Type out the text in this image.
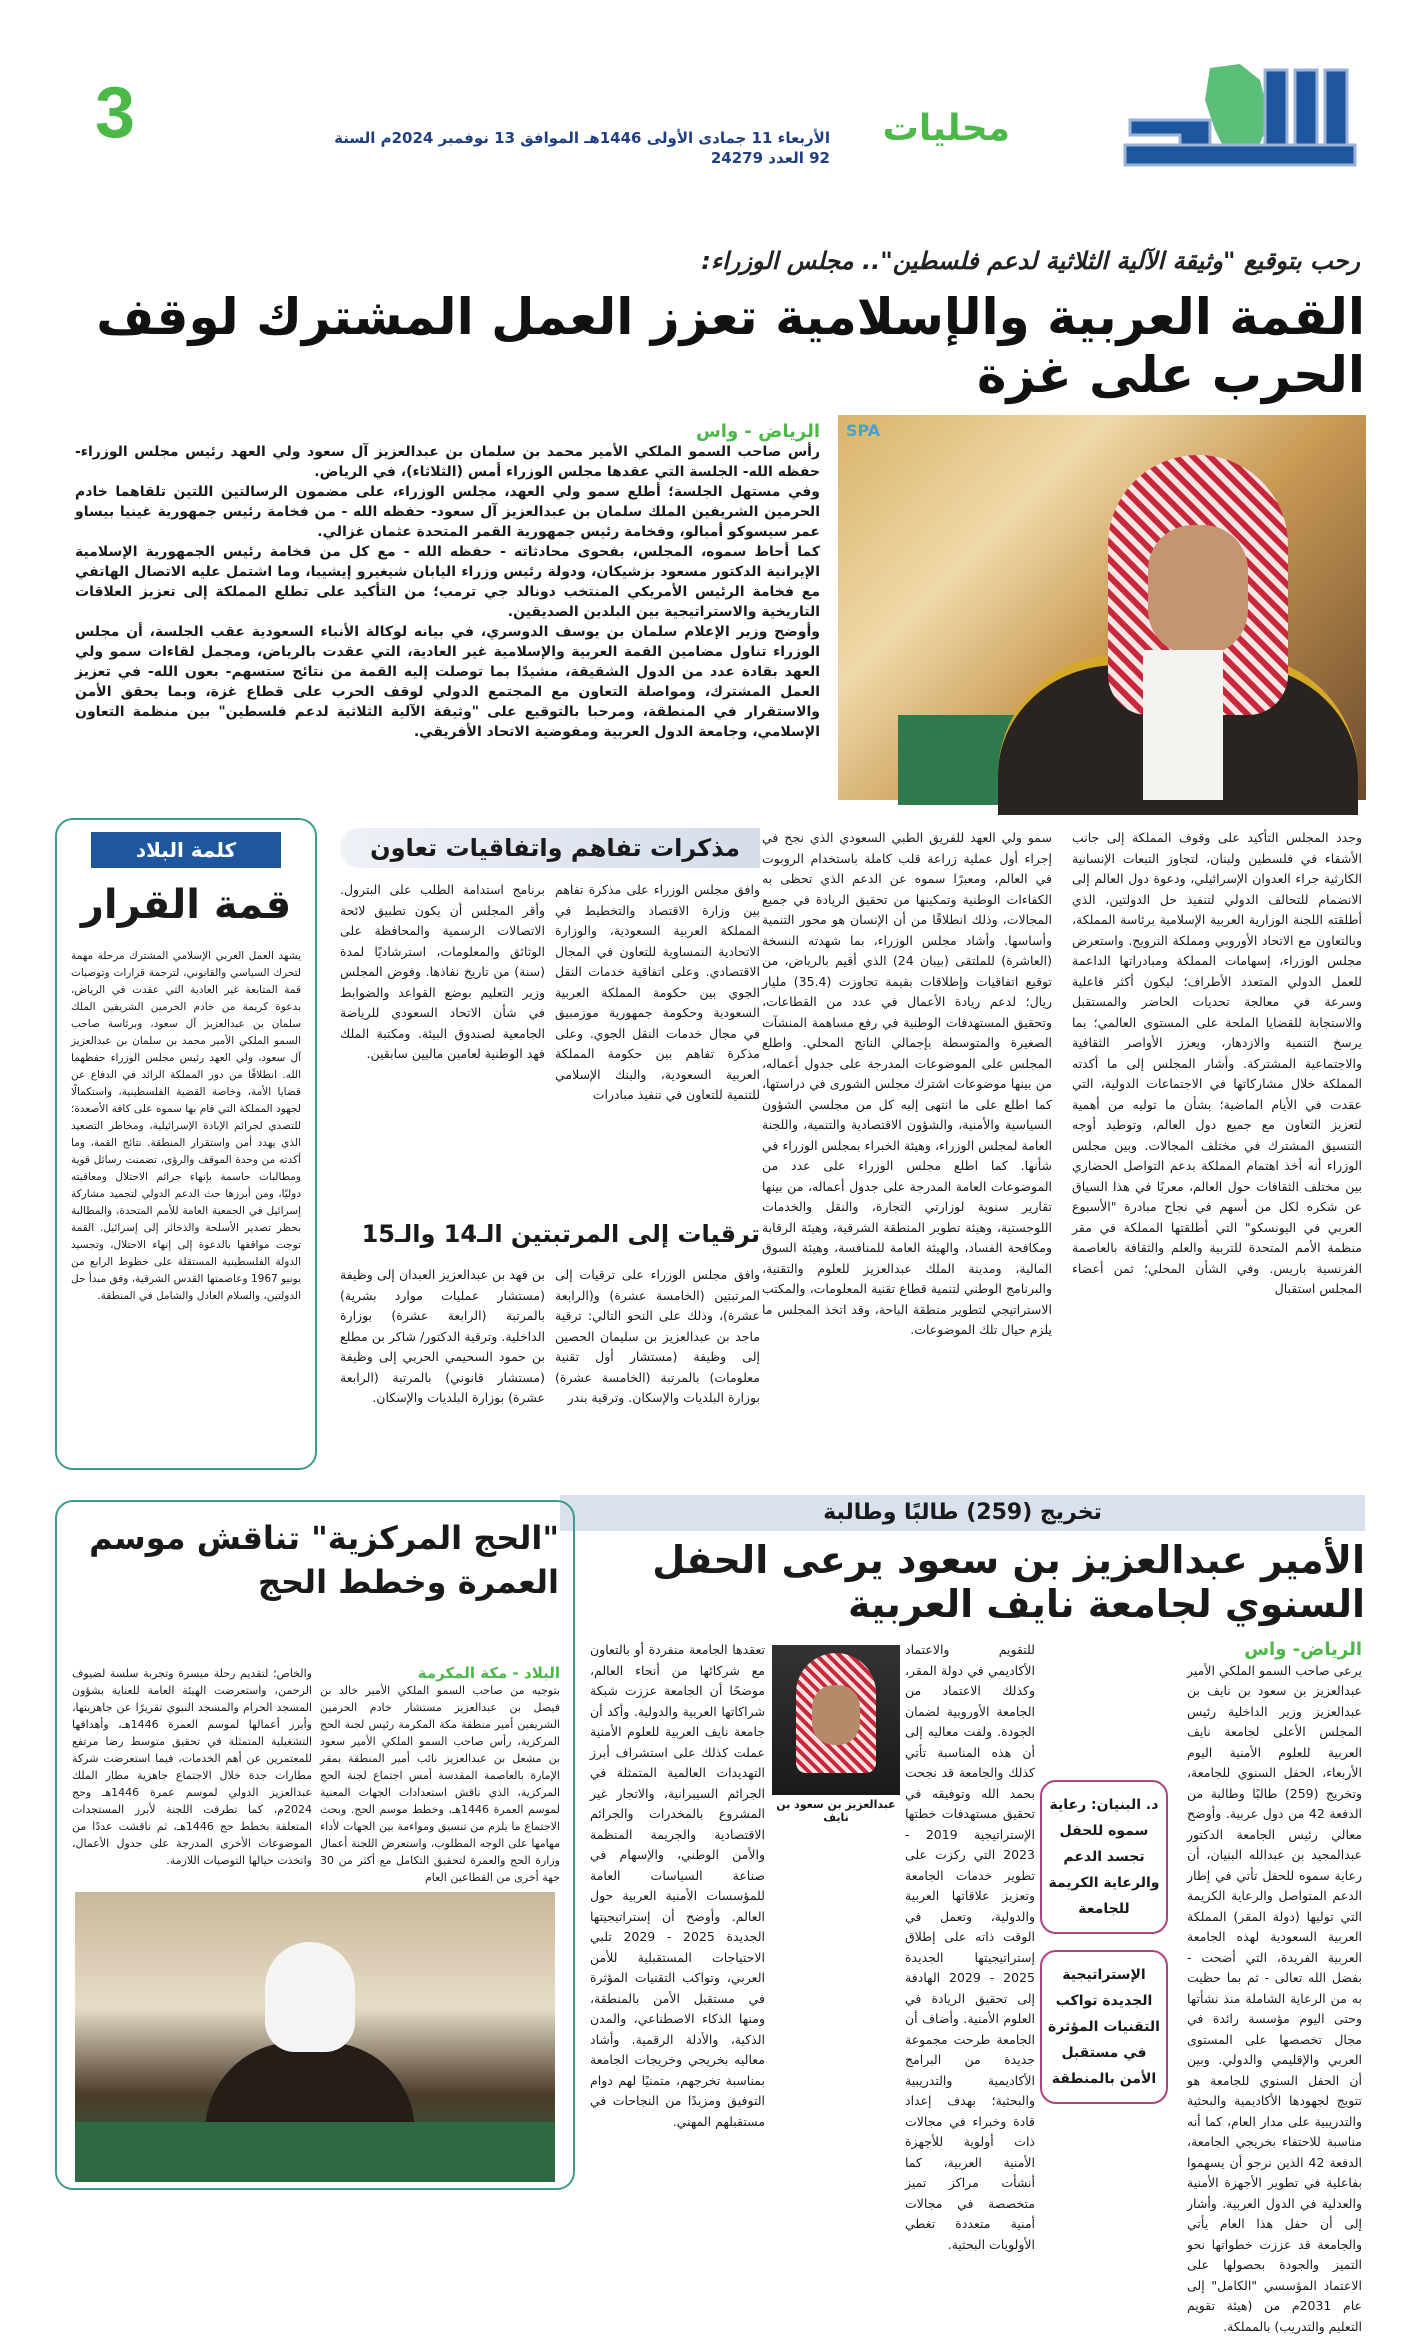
محليات
الأربعاء 11 جمادى الأولى 1446هـ الموافق 13 نوفمبر 2024م السنة 92 العدد 24279
3
رحب بتوقيع "وثيقة الآلية الثلاثية لدعم فلسطين".. مجلس الوزراء:
القمة العربية والإسلامية تعزز العمل المشترك لوقف الحرب على غزة
SPA
الرياض - واس

رأس صاحب السمو الملكي الأمير محمد بن سلمان بن عبدالعزيز آل سعود ولي العهد رئيس مجلس الوزراء- حفظه الله- الجلسة التي عقدها مجلس الوزراء أمس (الثلاثاء)، في الرياض.

وفي مستهل الجلسة؛ أطلع سمو ولي العهد، مجلس الوزراء، على مضمون الرسالتين اللتين تلقاهما خادم الحرمين الشريفين الملك سلمان بن عبدالعزيز آل سعود- حفظه الله - من فخامة رئيس جمهورية غينيا بيساو عمر سيسوكو أمبالو، وفخامة رئيس جمهورية القمر المتحدة عثمان غزالي.

كما أحاط سموه، المجلس، بفحوى محادثاته - حفظه الله - مع كل من فخامة رئيس الجمهورية الإسلامية الإيرانية الدكتور مسعود بزشيكان، ودولة رئيس وزراء اليابان شيغيرو إيشيبا، وما اشتمل عليه الاتصال الهاتفي مع فخامة الرئيس الأمريكي المنتخب دونالد جي ترمب؛ من التأكيد على تطلع المملكة إلى تعزيز العلاقات التاريخية والاستراتيجية بين البلدين الصديقين.

وأوضح وزير الإعلام سلمان بن يوسف الدوسري، في بيانه لوكالة الأنباء السعودية عقب الجلسة، أن مجلس الوزراء تناول مضامين القمة العربية والإسلامية غير العادية، التي عقدت بالرياض، ومجمل لقاءات سمو ولي العهد بقادة عدد من الدول الشقيقة، مشيدًا بما توصلت إليه القمة من نتائج ستسهم- بعون الله- في تعزيز العمل المشترك، ومواصلة التعاون مع المجتمع الدولي لوقف الحرب على قطاع غزة، وبما يحقق الأمن والاستقرار في المنطقة، ومرحبا بالتوقيع على "وثيقة الآلية الثلاثية لدعم فلسطين" بين منظمة التعاون الإسلامي، وجامعة الدول العربية ومفوضية الاتحاد الأفريقي.

وجدد المجلس التأكيد على وقوف المملكة إلى جانب الأشقاء في فلسطين ولبنان، لتجاوز التبعات الإنسانية الكارثية جراء العدوان الإسرائيلي، ودعوة دول العالم إلى الانضمام للتحالف الدولي لتنفيذ حل الدولتين، الذي أطلقته اللجنة الوزارية العربية الإسلامية برئاسة المملكة، وبالتعاون مع الاتحاد الأوروبي ومملكة النرويج. واستعرض مجلس الوزراء، إسهامات المملكة ومبادراتها الداعمة للعمل الدولي المتعدد الأطراف؛ ليكون أكثر فاعلية وسرعة في معالجة تحديات الحاضر والمستقبل والاستجابة للقضايا الملحة على المستوى العالمي؛ بما يرسخ التنمية والازدهار، ويعزز الأواصر الثقافية والاجتماعية المشتركة. وأشار المجلس إلى ما أكدته المملكة خلال مشاركاتها في الاجتماعات الدولية، التي عقدت في الأيام الماضية؛ بشأن ما توليه من أهمية لتعزيز التعاون مع جميع دول العالم، وتوطيد أوجه التنسيق المشترك في مختلف المجالات. وبين مجلس الوزراء أنه أخذ اهتمام المملكة بدعم التواصل الحضاري بين مختلف الثقافات حول العالم، معربًا في هذا السياق عن شكره لكل من أسهم في نجاح مبادرة "الأسبوع العربي في اليونسكو" التي أطلقتها المملكة في مقر منظمة الأمم المتحدة للتربية والعلم والثقافة بالعاصمة الفرنسية باريس. وفي الشأن المحلي؛ ثمن أعضاء المجلس استقبال
سمو ولي العهد للفريق الطبي السعودي الذي نجح في إجراء أول عملية زراعة قلب كاملة باستخدام الروبوت في العالم، ومعبرًا سموه عن الدعم الذي تحظى به الكفاءات الوطنية وتمكينها من تحقيق الريادة في جميع المجالات، وذلك انطلاقًا من أن الإنسان هو محور التنمية وأساسها. وأشاد مجلس الوزراء، بما شهدته النسخة (العاشرة) للملتقى (بيبان 24) الذي أقيم بالرياض، من توقيع اتفاقيات وإطلاقات بقيمة تجاوزت (35.4) مليار ريال؛ لدعم ريادة الأعمال في عدد من القطاعات، وتحقيق المستهدفات الوطنية في رفع مساهمة المنشآت الصغيرة والمتوسطة بإجمالي الناتج المحلي. واطلع المجلس على الموضوعات المدرجة على جدول أعماله، من بينها موضوعات اشترك مجلس الشورى في دراستها، كما اطلع على ما انتهى إليه كل من مجلسي الشؤون السياسية والأمنية، والشؤون الاقتصادية والتنمية، واللجنة العامة لمجلس الوزراء، وهيئة الخبراء بمجلس الوزراء في شأنها. كما اطلع مجلس الوزراء على عدد من الموضوعات العامة المدرجة على جدول أعماله، من بينها تقارير سنوية لوزارتي التجارة، والنقل والخدمات اللوجستية، وهيئة تطوير المنطقة الشرقية، وهيئة الرقابة ومكافحة الفساد، والهيئة العامة للمنافسة، وهيئة السوق المالية، ومدينة الملك عبدالعزيز للعلوم والتقنية، والبرنامج الوطني لتنمية قطاع تقنية المعلومات، والمكتب الاستراتيجي لتطوير منطقة الباحة، وقد اتخذ المجلس ما يلزم حيال تلك الموضوعات.
مذكرات تفاهم واتفاقيات تعاون
وافق مجلس الوزراء على مذكرة تفاهم بين وزارة الاقتصاد والتخطيط في المملكة العربية السعودية، والوزارة الاتحادية النمساوية للتعاون في المجال الاقتصادي. وعلى اتفاقية خدمات النقل الجوي بين حكومة المملكة العربية السعودية وحكومة جمهورية موزمبيق في مجال خدمات النقل الجوي. وعلى مذكرة تفاهم بين حكومة المملكة العربية السعودية، والبنك الإسلامي للتنمية للتعاون في تنفيذ مبادرات
برنامج استدامة الطلب على البترول. وأقر المجلس أن يكون تطبيق لائحة الاتصالات الرسمية والمحافظة على الوثائق والمعلومات، استرشاديًا لمدة (سنة) من تاريخ نفاذها. وفوض المجلس وزير التعليم بوضع القواعد والضوابط في شأن الاتحاد السعودي للرياضة الجامعية لصندوق البيئة. ومكتبة الملك فهد الوطنية لعامين ماليين سابقين.
ترقيات إلى المرتبتين الـ14 والـ15
وافق مجلس الوزراء على ترقيات إلى المرتبتين (الخامسة عشرة) و(الرابعة عشرة)، وذلك على النحو التالي: ترقية ماجد بن عبدالعزيز بن سليمان الحصين إلى وظيفة (مستشار أول تقنية معلومات) بالمرتبة (الخامسة عشرة) بوزارة البلديات والإسكان. وترقية بندر
بن فهد بن عبدالعزيز العبدان إلى وظيفة (مستشار عمليات موارد بشرية) بالمرتبة (الرابعة عشرة) بوزارة الداخلية. وترقية الدكتور/ شاكر بن مطلع بن حمود السحيمي الحربي إلى وظيفة (مستشار قانوني) بالمرتبة (الرابعة عشرة) بوزارة البلديات والإسكان.
كلمة البلاد
قمة القرار
يشهد العمل العربي الإسلامي المشترك مرحلة مهمة لتحرك السياسي والقانوني، لترجمة قرارات وتوصيات قمة المتابعة غير العادية التي عقدت في الرياض، بدعوة كريمة من خادم الحرمين الشريفين الملك سلمان بن عبدالعزيز آل سعود، وبرئاسة صاحب السمو الملكي الأمير محمد بن سلمان بن عبدالعزيز آل سعود، ولي العهد رئيس مجلس الوزراء حفظهما الله. انطلاقًا من دور المملكة الرائد في الدفاع عن قضايا الأمة، وخاصة القضية الفلسطينية، واستكمالًا لجهود المملكة التي قام بها سموه على كافة الأصعدة؛ للتصدي لجرائم الإبادة الإسرائيلية، ومخاطر التصعيد الذي يهدد أمن واستقرار المنطقة. نتائج القمة، وما أكدته من وحدة الموقف والرؤى، تضمنت رسائل قوية ومطالبات حاسمة بإنهاء جرائم الاحتلال ومعاقبته دوليًا، ومن أبرزها حث الدعم الدولي لتجميد مشاركة إسرائيل في الجمعية العامة للأمم المتحدة، والمطالبة بحظر تصدير الأسلحة والذخائر إلى إسرائيل. القمة توجت مواقفها بالدعوة إلى إنهاء الاحتلال، وتجسيد الدولة الفلسطينية المستقلة على خطوط الرابع من يونيو 1967 وعاصمتها القدس الشرقية، وفق مبدأ حل الدولتين، والسلام العادل والشامل في المنطقة.
تخريج (259) طالبًا وطالبة
الأمير عبدالعزيز بن سعود يرعى الحفل السنوي لجامعة نايف العربية
الرياض- واس
يرعى صاحب السمو الملكي الأمير عبدالعزيز بن سعود بن نايف بن عبدالعزيز وزير الداخلية رئيس المجلس الأعلى لجامعة نايف العربية للعلوم الأمنية اليوم الأربعاء، الحفل السنوي للجامعة، وتخريج (259) طالبًا وطالبة من الدفعة 42 من دول عربية. وأوضح معالي رئيس الجامعة الدكتور عبدالمجيد بن عبدالله البنيان، أن رعاية سموه للحفل تأتي في إطار الدعم المتواصل والرعاية الكريمة التي توليها (دولة المقر) المملكة العربية السعودية لهذه الجامعة العربية الفريدة، التي أضحت - بفضل الله تعالى - ثم بما حظيت به من الرعاية الشاملة منذ نشأتها وحتى اليوم مؤسسة رائدة في مجال تخصصها على المستوى العربي والإقليمي والدولي. وبين أن الحفل السنوي للجامعة هو تتويج لجهودها الأكاديمية والبحثية والتدريبية على مدار العام، كما أنه مناسبة للاحتفاء بخريجي الجامعة، الدفعة 42 الذين نرجو أن يسهموا بفاعلية في تطوير الأجهزة الأمنية والعدلية في الدول العربية. وأشار إلى أن حفل هذا العام يأتي والجامعة قد عززت خطواتها نحو التميز والجودة بحصولها على الاعتماد المؤسسي "الكامل" إلى عام 2031م من (هيئة تقويم التعليم والتدريب) بالمملكة.
د. البنيان: رعاية سموه للحفل تجسد الدعم والرعاية الكريمة للجامعة
الإستراتيجية الجديدة تواكب التقنيات المؤثرة في مستقبل الأمن بالمنطقة
للتقويم والاعتماد الأكاديمي في دولة المقر، وكذلك الاعتماد من الجامعة الأوروبية لضمان الجودة. ولفت معاليه إلى أن هذه المناسبة تأتي كذلك والجامعة قد نجحت بحمد الله وتوفيقه في تحقيق مستهدفات خطتها الإستراتيجية 2019 - 2023 التي ركزت على تطوير خدمات الجامعة وتعزيز علاقاتها العربية والدولية، وتعمل في الوقت ذاته على إطلاق إستراتيجيتها الجديدة 2025 - 2029 الهادفة إلى تحقيق الريادة في العلوم الأمنية. وأضاف أن الجامعة طرحت مجموعة جديدة من البرامج الأكاديمية والتدريبية والبحثية؛ بهدف إعداد قادة وخبراء في مجالات ذات أولوية للأجهزة الأمنية العربية، كما أنشأت مراكز تميز متخصصة في مجالات أمنية متعددة تغطي الأولويات البحثية.
عبدالعزيز بن سعود بن نايف
تعقدها الجامعة منفردة أو بالتعاون مع شركائها من أنحاء العالم، موضحًا أن الجامعة عززت شبكة شراكاتها العربية والدولية. وأكد أن جامعة نايف العربية للعلوم الأمنية عملت كذلك على استشراف أبرز التهديدات العالمية المتمثلة في الجرائم السيبرانية، والاتجار غير المشروع بالمخدرات والجرائم الاقتصادية والجريمة المنظمة والأمن الوطني، والإسهام في صناعة السياسات العامة للمؤسسات الأمنية العربية حول العالم. وأوضح أن إستراتيجيتها الجديدة 2025 - 2029 تلبي الاحتياجات المستقبلية للأمن العربي، وتواكب التقنيات المؤثرة في مستقبل الأمن بالمنطقة، ومنها الذكاء الاصطناعي، والمدن الذكية، والأدلة الرقمية. وأشاد معاليه بخريجي وخريجات الجامعة بمناسبة تخرجهم، متمنيًا لهم دوام التوفيق ومزيدًا من النجاحات في مستقبلهم المهني.
"الحج المركزية" تناقش موسم العمرة وخطط الحج
البلاد - مكة المكرمة
بتوجيه من صاحب السمو الملكي الأمير خالد بن فيصل بن عبدالعزيز مستشار خادم الحرمين الشريفين أمير منطقة مكة المكرمة رئيس لجنة الحج المركزية، رأس صاحب السمو الملكي الأمير سعود بن مشعل بن عبدالعزيز نائب أمير المنطقة بمقر الإمارة بالعاصمة المقدسة أمس اجتماع لجنة الحج المركزية، الذي ناقش استعدادات الجهات المعنية لموسم العمرة 1446هـ، وخطط موسم الحج. وبحث الاجتماع ما يلزم من تنسيق ومواءمة بين الجهات لأداء مهامها على الوجه المطلوب، واستعرض اللجنة أعمال وزارة الحج والعمرة لتحقيق التكامل مع أكثر من 30 جهة أخرى من القطاعين العام
والخاص؛ لتقديم رحلة ميسرة وتجربة سلسة لضيوف الرحمن، واستعرضت الهيئة العامة للعناية بشؤون المسجد الحرام والمسجد النبوي تقريرًا عن جاهزيتها، وأبرز أعمالها لموسم العمرة 1446هـ، وأهدافها التشغيلية المتمثلة في تحقيق متوسط رضا مرتفع للمعتمرين عن أهم الخدمات، فيما استعرضت شركة مطارات جدة خلال الاجتماع جاهزية مطار الملك عبدالعزيز الدولي لموسم عمرة 1446هـ وحج 2024م، كما تطرقت اللجنة لأبرز المستجدات المتعلقة بخطط حج 1446هـ، ثم ناقشت عددًا من الموضوعات الأخرى المدرجة على جدول الأعمال، واتخذت حيالها التوصيات اللازمة.
